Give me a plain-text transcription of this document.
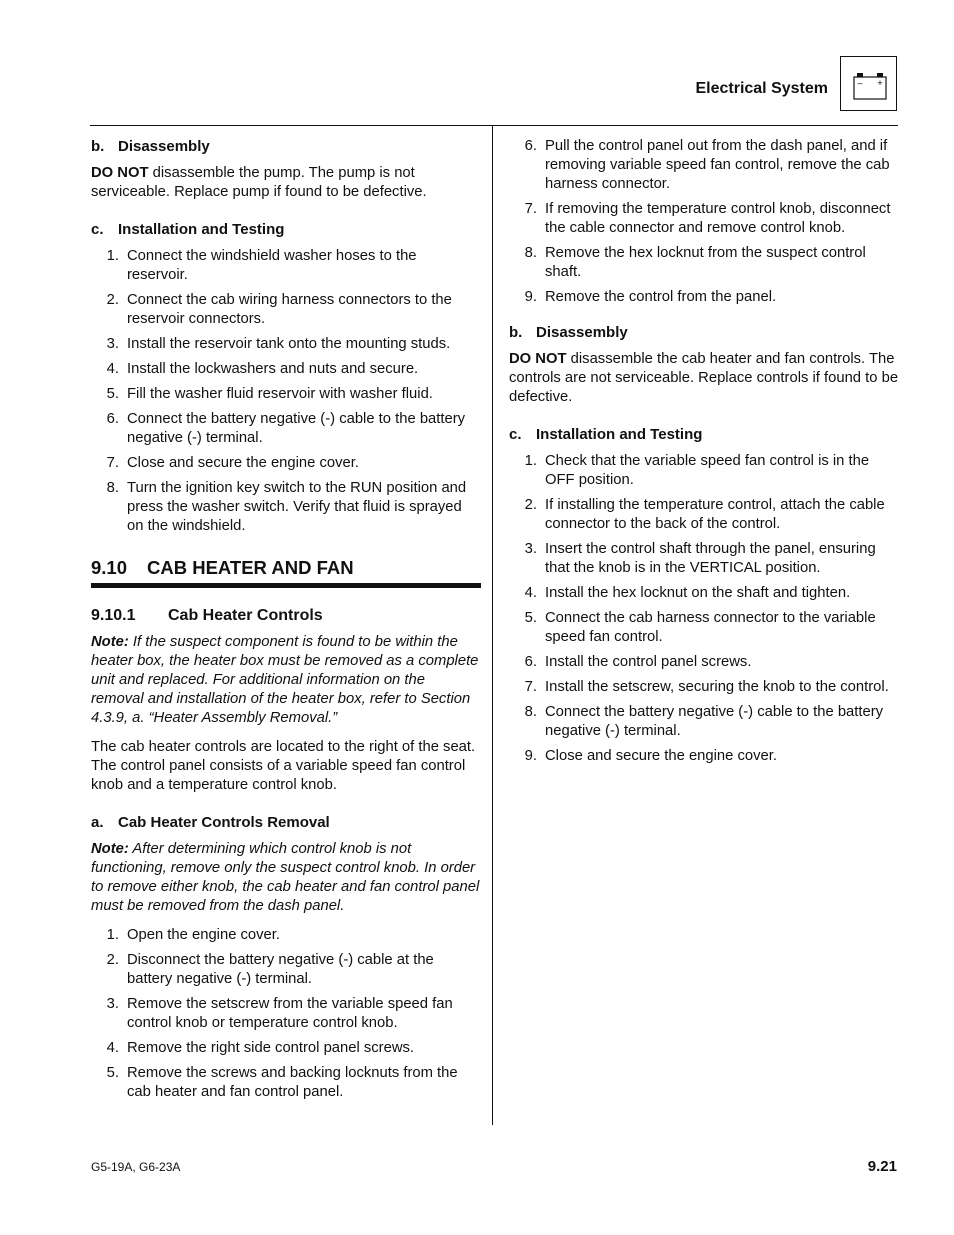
Electrical System	– +
b. Disassembly

DO NOT disassemble the pump. The pump is not serviceable. Replace pump if found to be defective.

c. Installation and Testing
1. Connect the windshield washer hoses to the reservoir.
2. Connect the cab wiring harness connectors to the reservoir connectors.
3. Install the reservoir tank onto the mounting studs.
4. Install the lockwashers and nuts and secure.
5. Fill the washer fluid reservoir with washer fluid.
6. Connect the battery negative (-) cable to the battery negative (-) terminal.
7. Close and secure the engine cover.
8. Turn the ignition key switch to the RUN position and press the washer switch. Verify that fluid is sprayed on the windshield.
9.10 CAB HEATER AND FAN
9.10.1 Cab Heater Controls

Note: If the suspect component is found to be within the heater box, the heater box must be removed as a complete unit and replaced. For additional information on the removal and installation of the heater box, refer to Section 4.3.9, a. “Heater Assembly Removal.”

The cab heater controls are located to the right of the seat. The control panel consists of a variable speed fan control knob and a temperature control knob.

a. Cab Heater Controls Removal

Note: After determining which control knob is not functioning, remove only the suspect control knob. In order to remove either knob, the cab heater and fan control panel must be removed from the dash panel.

1. Open the engine cover.
2. Disconnect the battery negative (-) cable at the battery negative (-) terminal.
3. Remove the setscrew from the variable speed fan control knob or temperature control knob.
4. Remove the right side control panel screws.
5. Remove the screws and backing locknuts from the cab heater and fan control panel.
6. Pull the control panel out from the dash panel, and if removing variable speed fan control, remove the cab harness connector.
7. If removing the temperature control knob, disconnect the cable connector and remove control knob.
8. Remove the hex locknut from the suspect control shaft.
9. Remove the control from the panel.
b. Disassembly

DO NOT disassemble the cab heater and fan controls. The controls are not serviceable. Replace controls if found to be defective.

c. Installation and Testing
1. Check that the variable speed fan control is in the OFF position.
2. If installing the temperature control, attach the cable connector to the back of the control.
3. Insert the control shaft through the panel, ensuring that the knob is in the VERTICAL position.
4. Install the hex locknut on the shaft and tighten.
5. Connect the cab harness connector to the variable speed fan control.
6. Install the control panel screws.
7. Install the setscrew, securing the knob to the control.
8. Connect the battery negative (-) cable to the battery negative (-) terminal.
9. Close and secure the engine cover.
G5-19A, G6-23A	9.21
